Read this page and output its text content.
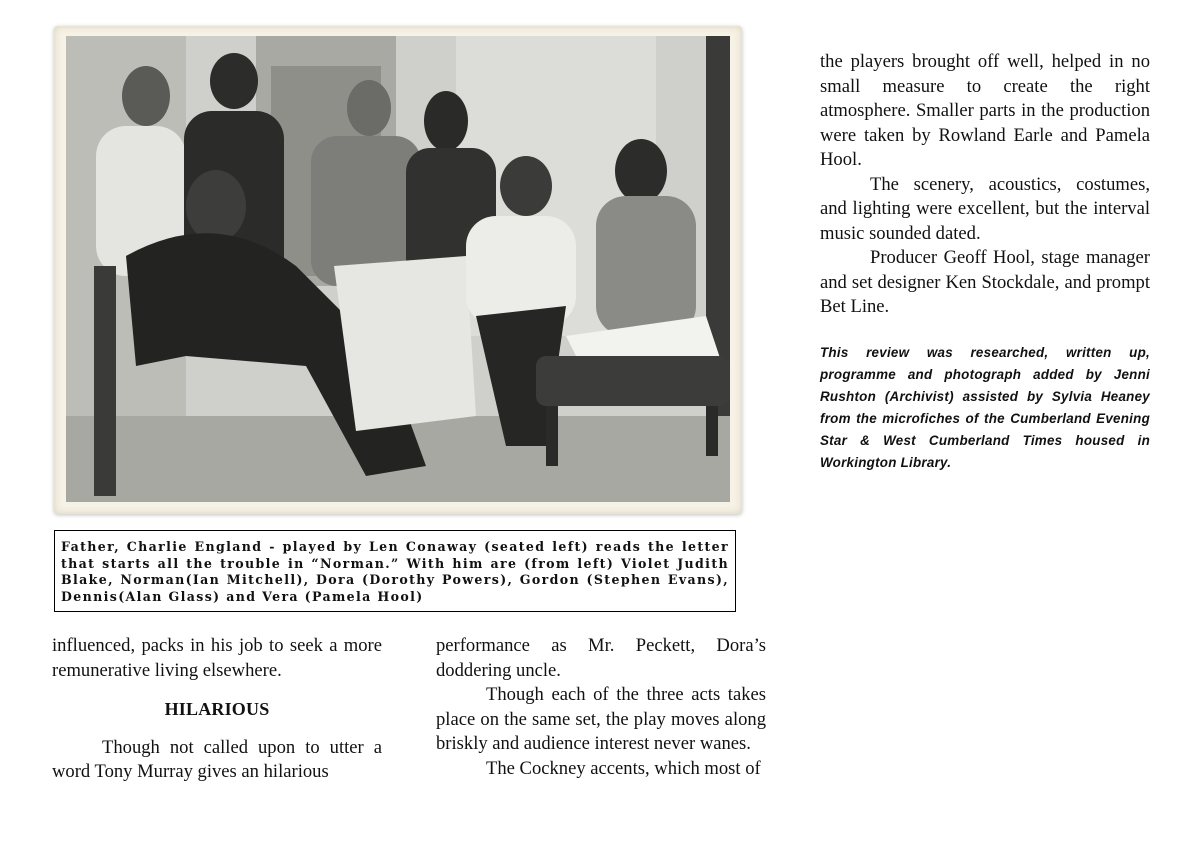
Father, Charlie England - played by Len Conaway (seated left) reads the letter that starts all the trouble in “Norman.” With him are (from left) Violet Judith Blake, Norman(Ian Mitchell), Dora (Dorothy Powers), Gordon (Stephen Evans), Dennis(Alan Glass) and Vera (Pamela Hool)

influenced, packs in his job to seek a more remunerative living elsewhere.

HILARIOUS

Though not called upon to utter a word Tony Murray gives an hilarious

performance as Mr. Peckett, Dora’s doddering uncle.

Though each of the three acts takes place on the same set, the play moves along briskly and audience interest never wanes.

The Cockney accents, which most of

the players brought off well, helped in no small measure to create the right atmosphere. Smaller parts in the production were taken by Rowland Earle and Pamela Hool.

The scenery, acoustics, costumes, and lighting were excellent, but the interval music sounded dated.

Producer Geoff Hool, stage manager and set designer Ken Stockdale, and prompt Bet Line.

This review was researched, written up, programme and photograph added by Jenni Rushton (Archivist) assisted by Sylvia Heaney from the microfiches of the Cumberland Evening Star & West Cumberland Times housed in Workington Library.
